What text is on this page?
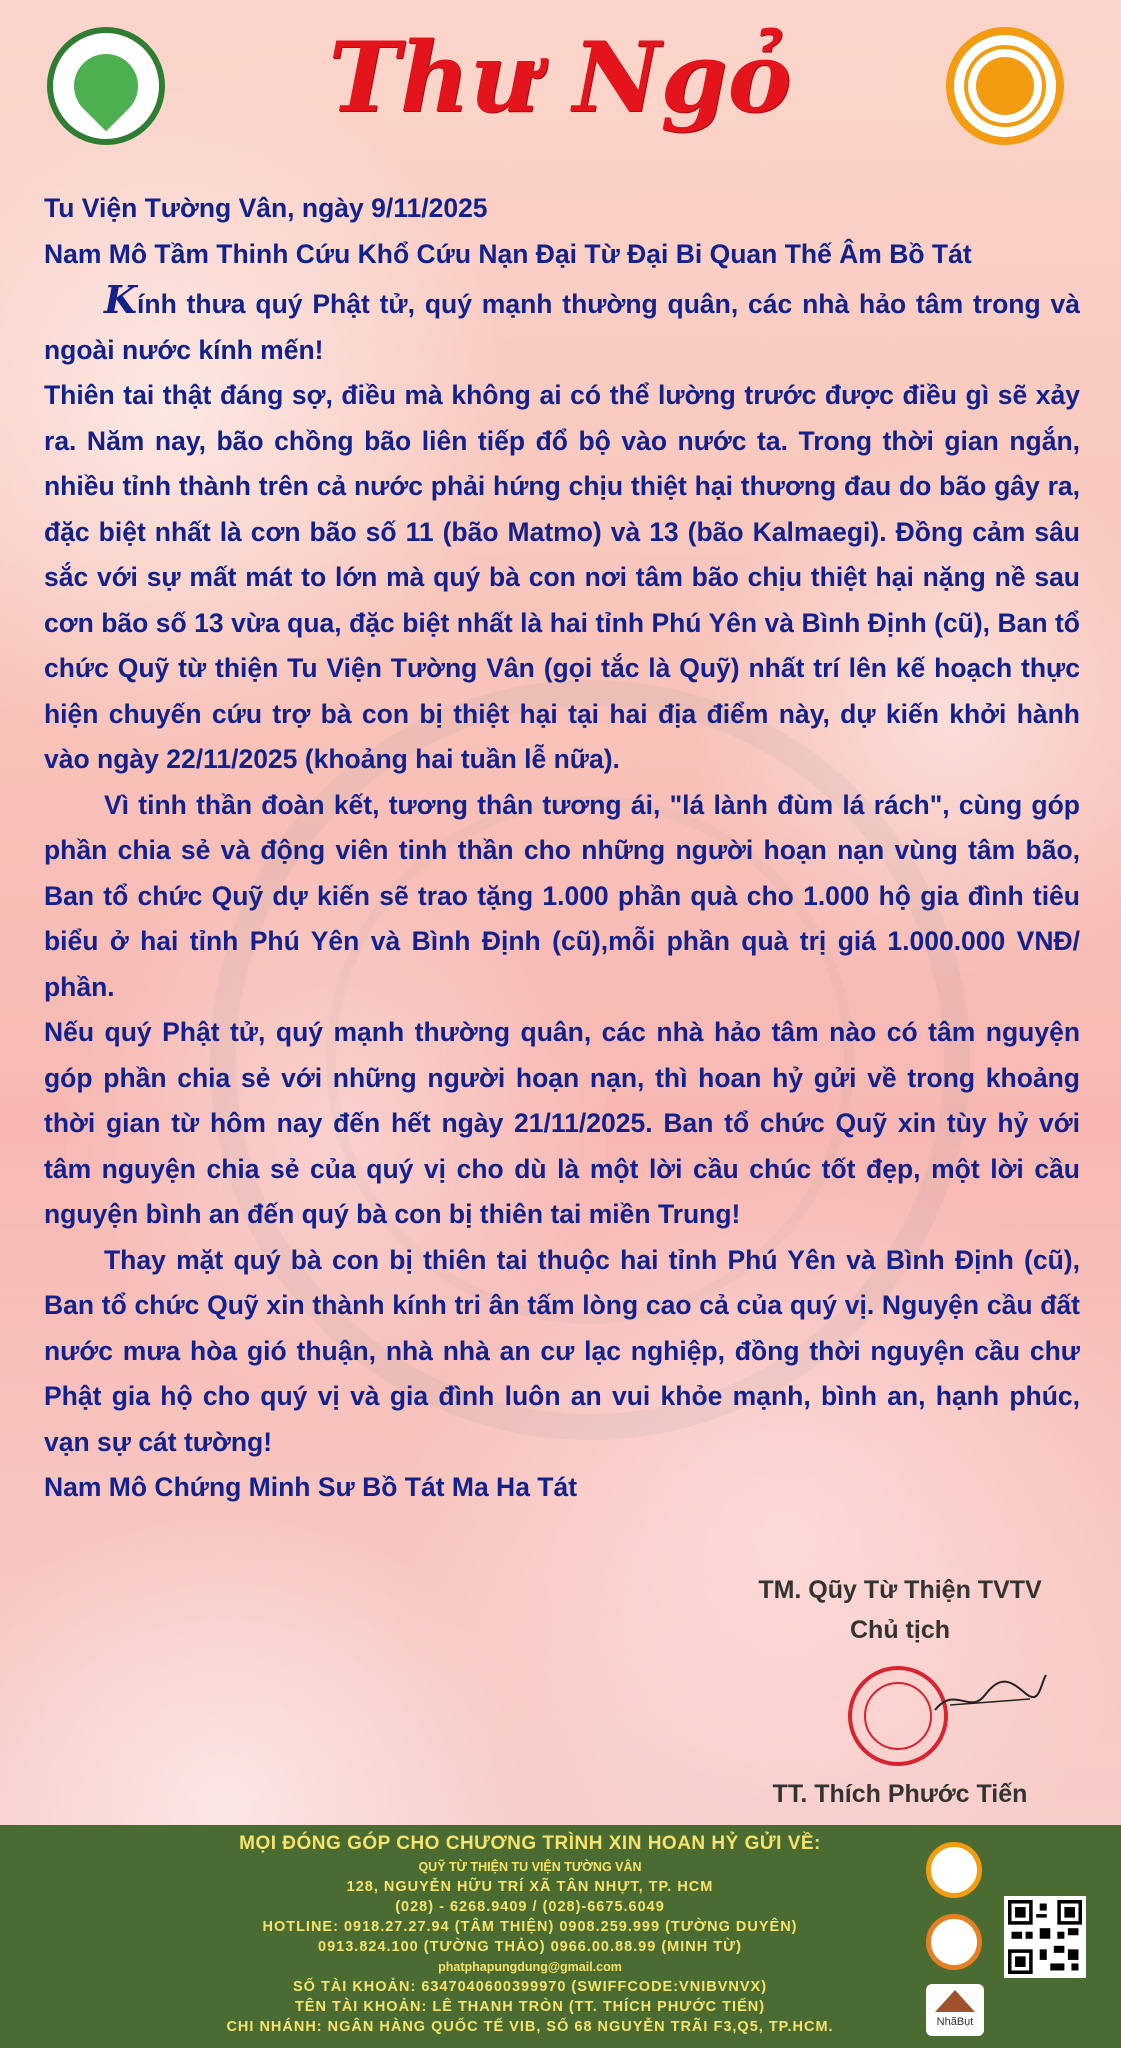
Thư Ngỏ

Tu Viện Tường Vân, ngày 9/11/2025

Nam Mô Tầm Thinh Cứu Khổ Cứu Nạn Đại Từ Đại Bi Quan Thế Âm Bồ Tát

Kính thưa quý Phật tử, quý mạnh thường quân, các nhà hảo tâm trong và ngoài nước kính mến!

Thiên tai thật đáng sợ, điều mà không ai có thể lường trước được điều gì sẽ xảy ra. Năm nay, bão chồng bão liên tiếp đổ bộ vào nước ta. Trong thời gian ngắn, nhiều tỉnh thành trên cả nước phải hứng chịu thiệt hại thương đau do bão gây ra, đặc biệt nhất là cơn bão số 11 (bão Matmo) và 13 (bão Kalmaegi). Đồng cảm sâu sắc với sự mất mát to lớn mà quý bà con nơi tâm bão chịu thiệt hại nặng nề sau cơn bão số 13 vừa qua, đặc biệt nhất là hai tỉnh Phú Yên và Bình Định (cũ), Ban tổ chức Quỹ từ thiện Tu Viện Tường Vân (gọi tắc là Quỹ) nhất trí lên kế hoạch thực hiện chuyến cứu trợ bà con bị thiệt hại tại hai địa điểm này, dự kiến khởi hành vào ngày 22/11/2025 (khoảng hai tuần lễ nữa).

Vì tinh thần đoàn kết, tương thân tương ái, "lá lành đùm lá rách", cùng góp phần chia sẻ và động viên tinh thần cho những người hoạn nạn vùng tâm bão, Ban tổ chức Quỹ dự kiến sẽ trao tặng 1.000 phần quà cho 1.000 hộ gia đình tiêu biểu ở hai tỉnh Phú Yên và Bình Định (cũ),mỗi phần quà trị giá 1.000.000 VNĐ/ phần.

Nếu quý Phật tử, quý mạnh thường quân, các nhà hảo tâm nào có tâm nguyện góp phần chia sẻ với những người hoạn nạn, thì hoan hỷ gửi về trong khoảng thời gian từ hôm nay đến hết ngày 21/11/2025. Ban tổ chức Quỹ xin tùy hỷ với tâm nguyện chia sẻ của quý vị cho dù là một lời cầu chúc tốt đẹp, một lời cầu nguyện bình an đến quý bà con bị thiên tai miền Trung!

Thay mặt quý bà con bị thiên tai thuộc hai tỉnh Phú Yên và Bình Định (cũ), Ban tổ chức Quỹ xin thành kính tri ân tấm lòng cao cả của quý vị. Nguyện cầu đất nước mưa hòa gió thuận, nhà nhà an cư lạc nghiệp, đồng thời nguyện cầu chư Phật gia hộ cho quý vị và gia đình luôn an vui khỏe mạnh, bình an, hạnh phúc, vạn sự cát tường!

Nam Mô Chứng Minh Sư Bồ Tát Ma Ha Tát

TM. Qũy Từ Thiện TVTV
Chủ tịch
TT. Thích Phước Tiến
MỌI ĐÓNG GÓP CHO CHƯƠNG TRÌNH XIN HOAN HỶ GỬI VỀ:
QUỸ TỪ THIỆN TU VIỆN TƯỜNG VÂN
128, NGUYỄN HỮU TRÍ XÃ TÂN NHỰT, TP. HCM
(028) - 6268.9409 / (028)-6675.6049
HOTLINE: 0918.27.27.94 (TÂM THIỆN) 0908.259.999 (TƯỜNG DUYÊN)
0913.824.100 (TƯỜNG THẢO) 0966.00.88.99 (MINH TỪ)
phatphapungdung@gmail.com
SỐ TÀI KHOẢN: 6347040600399970 (SWIFFCODE:VNIBVNVX)
TÊN TÀI KHOẢN: LÊ THANH TRÒN (TT. THÍCH PHƯỚC TIẾN)
CHI NHÁNH: NGÂN HÀNG QUỐC TẾ VIB, SỐ 68 NGUYỄN TRÃI F3,Q5, TP.HCM.	NhãBụt
